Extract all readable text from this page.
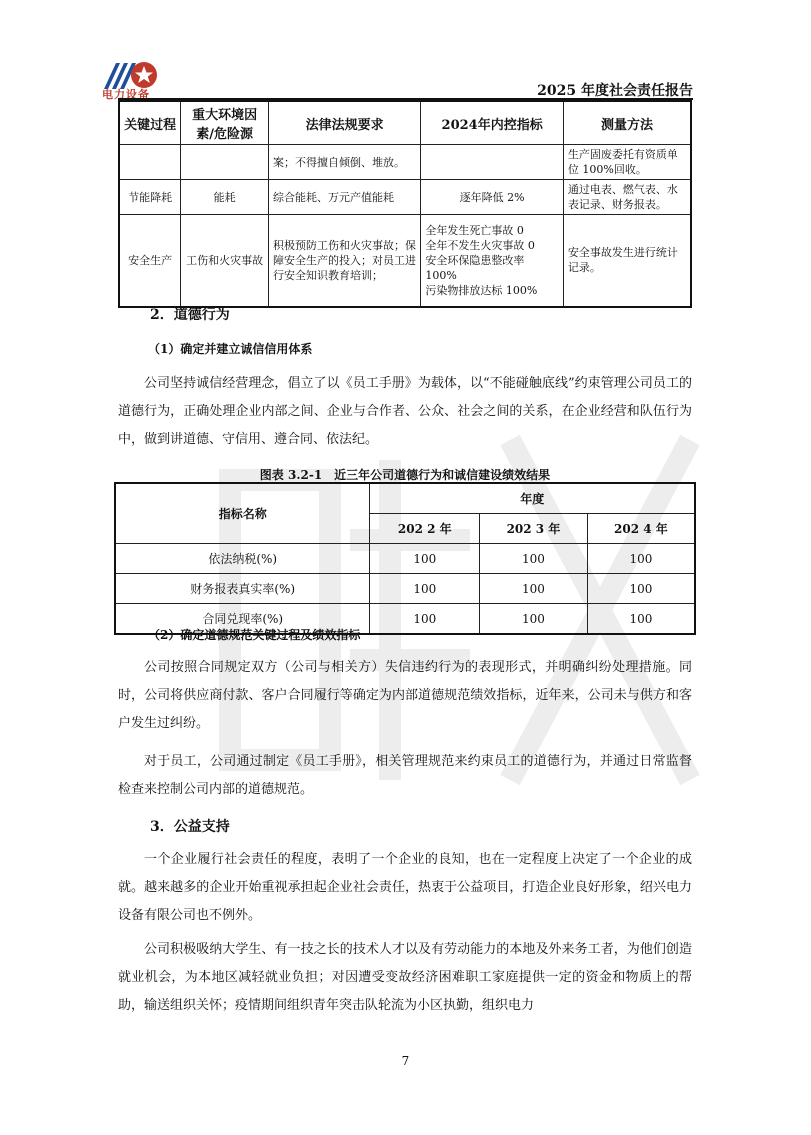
电力设备	2025 年度社会责任报告
关键过程	重大环境因素/危险源	法律法规要求	2024年内控指标	测量方法
		案；不得擅自倾倒、堆放。		生产固废委托有资质单位 100%回收。
节能降耗	能耗	综合能耗、万元产值能耗	逐年降低 2%	通过电表、燃气表、水表记录、财务报表。
安全生产	工伤和火灾事故	积极预防工伤和火灾事故；保障安全生产的投入；对员工进行安全知识教育培训；	全年发生死亡事故 0
全年不发生火灾事故 0
安全环保隐患整改率 100%
污染物排放达标 100%	安全事故发生进行统计记录。
2．道德行为
（1）确定并建立诚信信用体系

公司坚持诚信经营理念，倡立了以《员工手册》为载体，以“不能碰触底线”约束管理公司员工的道德行为，正确处理企业内部之间、企业与合作者、公众、社会之间的关系，在企业经营和队伍行为中，做到讲道德、守信用、遵合同、依法纪。

图表 3.2-1　近三年公司道德行为和诚信建设绩效结果
指标名称	年度		
	202 2 年	202 3 年	202 4 年
依法纳税(%)	100	100	100
财务报表真实率(%)	100	100	100
合同兑现率(%)	100	100	100
（2）确定道德规范关键过程及绩效指标

公司按照合同规定双方（公司与相关方）失信违约行为的表现形式，并明确纠纷处理措施。同时，公司将供应商付款、客户合同履行等确定为内部道德规范绩效指标，近年来，公司未与供方和客户发生过纠纷。

对于员工，公司通过制定《员工手册》，相关管理规范来约束员工的道德行为，并通过日常监督检查来控制公司内部的道德规范。

3．公益支持

一个企业履行社会责任的程度，表明了一个企业的良知，也在一定程度上决定了一个企业的成就。越来越多的企业开始重视承担起企业社会责任，热衷于公益项目，打造企业良好形象，绍兴电力设备有限公司也不例外。

公司积极吸纳大学生、有一技之长的技术人才以及有劳动能力的本地及外来务工者，为他们创造就业机会，为本地区减轻就业负担；对因遭受变故经济困难职工家庭提供一定的资金和物质上的帮助，输送组织关怀；疫情期间组织青年突击队轮流为小区执勤，组织电力

7
